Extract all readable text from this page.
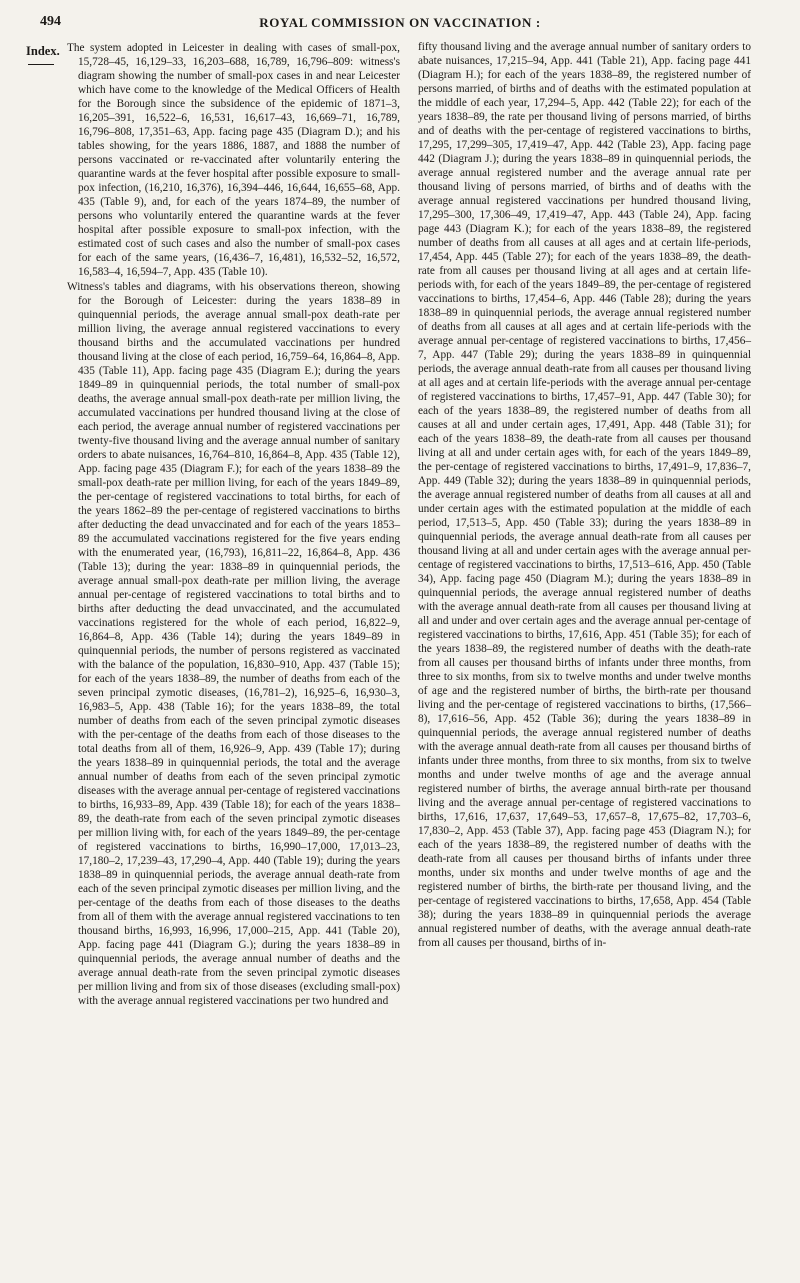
494	ROYAL COMMISSION ON VACCINATION :
Index. The system adopted in Leicester in dealing with cases of small-pox, 15,728–45, 16,129–33, 16,203–688, 16,789, 16,796–809: witness's diagram showing the number of small-pox cases in and near Leicester which have come to the knowledge of the Medical Officers of Health for the Borough since the subsidence of the epidemic of 1871–3, 16,205–391, 16,522–6, 16,531, 16,617–43, 16,669–71, 16,789, 16,796–808, 17,351–63, App. facing page 435 (Diagram D.); and his tables showing, for the years 1886, 1887, and 1888 the number of persons vaccinated or re-vaccinated after voluntarily entering the quarantine wards at the fever hospital after possible exposure to small-pox infection, (16,210, 16,376), 16,394–446, 16,644, 16,655–68, App. 435 (Table 9), and, for each of the years 1874–89, the number of persons who voluntarily entered the quarantine wards at the fever hospital after possible exposure to small-pox infection, with the estimated cost of such cases and also the number of small-pox cases for each of the same years, (16,436–7, 16,481), 16,532–52, 16,572, 16,583–4, 16,594–7, App. 435 (Table 10).

Witness's tables and diagrams, with his observations thereon, showing for the Borough of Leicester: during the years 1838–89 in quinquennial periods, the average annual small-pox death-rate per million living, the average annual registered vaccinations to every thousand births and the accumulated vaccinations per hundred thousand living at the close of each period, 16,759–64, 16,864–8, App. 435 (Table 11), App. facing page 435 (Diagram E.); during the years 1849–89 in quinquennial periods, the total number of small-pox deaths, the average annual small-pox death-rate per million living, the accumulated vaccinations per hundred thousand living at the close of each period, the average annual number of registered vaccinations per twenty-five thousand living and the average annual number of sanitary orders to abate nuisances, 16,764–810, 16,864–8, App. 435 (Table 12), App. facing page 435 (Diagram F.); for each of the years 1838–89 the small-pox death-rate per million living, for each of the years 1849–89, the per-centage of registered vaccinations to total births, for each of the years 1862–89 the per-centage of registered vaccinations to births after deducting the dead unvaccinated and for each of the years 1853–89 the accumulated vaccinations registered for the five years ending with the enumerated year, (16,793), 16,811–22, 16,864–8, App. 436 (Table 13); during the year: 1838–89 in quinquennial periods, the average annual small-pox death-rate per million living, the average annual per-centage of registered vaccinations to total births and to births after deducting the dead unvaccinated, and the accumulated vaccinations registered for the whole of each period, 16,822–9, 16,864–8, App. 436 (Table 14); during the years 1849–89 in quinquennial periods, the number of persons registered as vaccinated with the balance of the population, 16,830–910, App. 437 (Table 15); for each of the years 1838–89, the number of deaths from each of the seven principal zymotic diseases, (16,781–2), 16,925–6, 16,930–3, 16,983–5, App. 438 (Table 16); for the years 1838–89, the total number of deaths from each of the seven principal zymotic diseases with the per-centage of the deaths from each of those diseases to the total deaths from all of them, 16,926–9, App. 439 (Table 17); during the years 1838–89 in quinquennial periods, the total and the average annual number of deaths from each of the seven principal zymotic diseases with the average annual per-centage of registered vaccinations to births, 16,933–89, App. 439 (Table 18); for each of the years 1838–89, the death-rate from each of the seven principal zymotic diseases per million living with, for each of the years 1849–89, the per-centage of registered vaccinations to births, 16,990–17,000, 17,013–23, 17,180–2, 17,239–43, 17,290–4, App. 440 (Table 19); during the years 1838–89 in quinquennial periods, the average annual death-rate from each of the seven principal zymotic diseases per million living, and the per-centage of the deaths from each of those diseases to the deaths from all of them with the average annual registered vaccinations to ten thousand births, 16,993, 16,996, 17,000–215, App. 441 (Table 20), App. facing page 441 (Diagram G.); during the years 1838–89 in quinquennial periods, the average annual number of deaths and the average annual death-rate from the seven principal zymotic diseases per million living and from six of those diseases (excluding small-pox) with the average annual registered vaccinations per two hundred and

fifty thousand living and the average annual number of sanitary orders to abate nuisances, 17,215–94, App. 441 (Table 21), App. facing page 441 (Diagram H.); for each of the years 1838–89, the registered number of persons married, of births and of deaths with the estimated population at the middle of each year, 17,294–5, App. 442 (Table 22); for each of the years 1838–89, the rate per thousand living of persons married, of births and of deaths with the per-centage of registered vaccinations to births, 17,295, 17,299–305, 17,419–47, App. 442 (Table 23), App. facing page 442 (Diagram J.); during the years 1838–89 in quinquennial periods, the average annual registered number and the average annual rate per thousand living of persons married, of births and of deaths with the average annual registered vaccinations per hundred thousand living, 17,295–300, 17,306–49, 17,419–47, App. 443 (Table 24), App. facing page 443 (Diagram K.); for each of the years 1838–89, the registered number of deaths from all causes at all ages and at certain life-periods, 17,454, App. 445 (Table 27); for each of the years 1838–89, the death-rate from all causes per thousand living at all ages and at certain life-periods with, for each of the years 1849–89, the per-centage of registered vaccinations to births, 17,454–6, App. 446 (Table 28); during the years 1838–89 in quinquennial periods, the average annual registered number of deaths from all causes at all ages and at certain life-periods with the average annual per-centage of registered vaccinations to births, 17,456–7, App. 447 (Table 29); during the years 1838–89 in quinquennial periods, the average annual death-rate from all causes per thousand living at all ages and at certain life-periods with the average annual per-centage of registered vaccinations to births, 17,457–91, App. 447 (Table 30); for each of the years 1838–89, the registered number of deaths from all causes at all and under certain ages, 17,491, App. 448 (Table 31); for each of the years 1838–89, the death-rate from all causes per thousand living at all and under certain ages with, for each of the years 1849–89, the per-centage of registered vaccinations to births, 17,491–9, 17,836–7, App. 449 (Table 32); during the years 1838–89 in quinquennial periods, the average annual registered number of deaths from all causes at all and under certain ages with the estimated population at the middle of each period, 17,513–5, App. 450 (Table 33); during the years 1838–89 in quinquennial periods, the average annual death-rate from all causes per thousand living at all and under certain ages with the average annual per-centage of registered vaccinations to births, 17,513–616, App. 450 (Table 34), App. facing page 450 (Diagram M.); during the years 1838–89 in quinquennial periods, the average annual registered number of deaths with the average annual death-rate from all causes per thousand living at all and under and over certain ages and the average annual per-centage of registered vaccinations to births, 17,616, App. 451 (Table 35); for each of the years 1838–89, the registered number of deaths with the death-rate from all causes per thousand births of infants under three months, from three to six months, from six to twelve months and under twelve months of age and the registered number of births, the birth-rate per thousand living and the per-centage of registered vaccinations to births, (17,566–8), 17,616–56, App. 452 (Table 36); during the years 1838–89 in quinquennial periods, the average annual registered number of deaths with the average annual death-rate from all causes per thousand births of infants under three months, from three to six months, from six to twelve months and under twelve months of age and the average annual registered number of births, the average annual birth-rate per thousand living and the average annual per-centage of registered vaccinations to births, 17,616, 17,637, 17,649–53, 17,657–8, 17,675–82, 17,703–6, 17,830–2, App. 453 (Table 37), App. facing page 453 (Diagram N.); for each of the years 1838–89, the registered number of deaths with the death-rate from all causes per thousand births of infants under three months, under six months and under twelve months of age and the registered number of births, the birth-rate per thousand living, and the per-centage of registered vaccinations to births, 17,658, App. 454 (Table 38); during the years 1838–89 in quinquennial periods the average annual registered number of deaths, with the average annual death-rate from all causes per thousand, births of in-
